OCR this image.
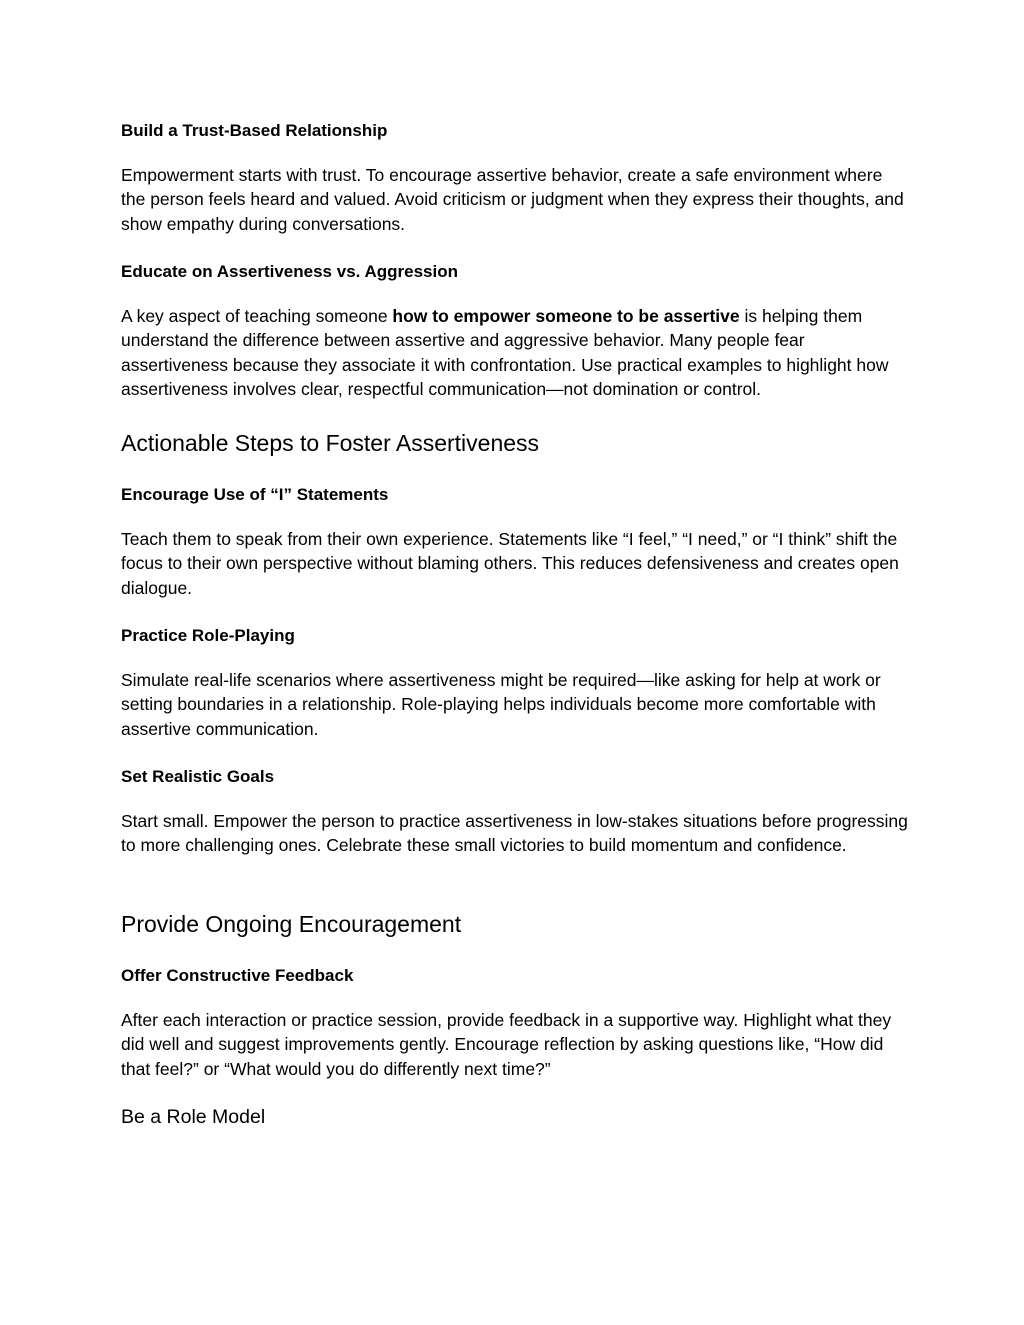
Build a Trust-Based Relationship

Empowerment starts with trust. To encourage assertive behavior, create a safe environment where the person feels heard and valued. Avoid criticism or judgment when they express their thoughts, and show empathy during conversations.

Educate on Assertiveness vs. Aggression

A key aspect of teaching someone how to empower someone to be assertive is helping them understand the difference between assertive and aggressive behavior. Many people fear assertiveness because they associate it with confrontation. Use practical examples to highlight how assertiveness involves clear, respectful communication—not domination or control.

Actionable Steps to Foster Assertiveness
Encourage Use of “I” Statements

Teach them to speak from their own experience. Statements like “I feel,” “I need,” or “I think” shift the focus to their own perspective without blaming others. This reduces defensiveness and creates open dialogue.

Practice Role-Playing

Simulate real-life scenarios where assertiveness might be required—like asking for help at work or setting boundaries in a relationship. Role-playing helps individuals become more comfortable with assertive communication.

Set Realistic Goals

Start small. Empower the person to practice assertiveness in low-stakes situations before progressing to more challenging ones. Celebrate these small victories to build momentum and confidence.

Provide Ongoing Encouragement
Offer Constructive Feedback

After each interaction or practice session, provide feedback in a supportive way. Highlight what they did well and suggest improvements gently. Encourage reflection by asking questions like, “How did that feel?” or “What would you do differently next time?”

Be a Role Model
